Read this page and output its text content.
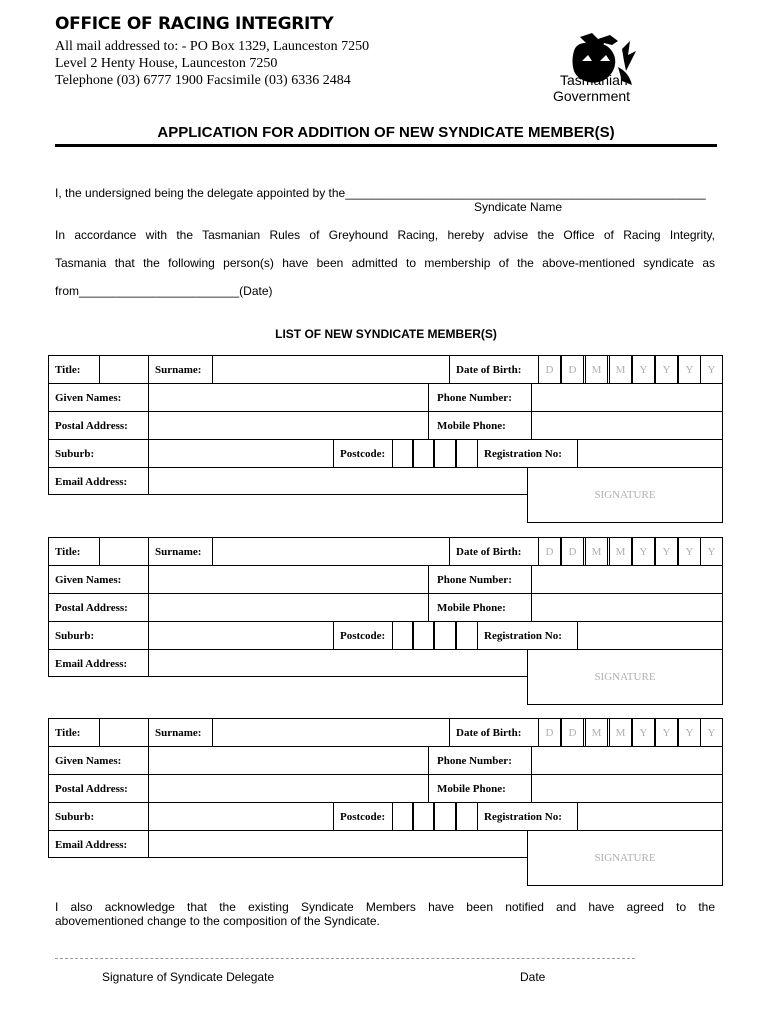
OFFICE OF RACING INTEGRITY
All mail addressed to: - PO Box 1329, Launceston 7250
Level 2 Henty House, Launceston 7250
Telephone (03) 6777 1900 Facsimile (03) 6336 2484	Tasmanian
Government
APPLICATION FOR ADDITION OF NEW SYNDICATE MEMBER(S)
I, the undersigned being the delegate appointed by the______________________________________________________
Syndicate Name
In accordance with the Tasmanian Rules of Greyhound Racing, hereby advise the Office of Racing Integrity,
Tasmania that the following person(s) have been admitted to membership of the above-mentioned syndicate as
from________________________(Date)
LIST OF NEW SYNDICATE MEMBER(S)
Title:	Surname:	Date of Birth:	D	D	M	M	Y	Y	Y	Y
Given Names:	Phone Number:
Postal Address:	Mobile Phone:
Suburb:	Postcode:	Registration No:
Email Address:
SIGNATURE
Title:	Surname:	Date of Birth:	D	D	M	M	Y	Y	Y	Y
Given Names:	Phone Number:
Postal Address:	Mobile Phone:
Suburb:	Postcode:	Registration No:
Email Address:
SIGNATURE
Title:	Surname:	Date of Birth:	D	D	M	M	Y	Y	Y	Y
Given Names:	Phone Number:
Postal Address:	Mobile Phone:
Suburb:	Postcode:	Registration No:
Email Address:
SIGNATURE
I also acknowledge that the existing Syndicate Members have been notified and have agreed to the
abovementioned change to the composition of the Syndicate.
Signature of Syndicate Delegate	Date
